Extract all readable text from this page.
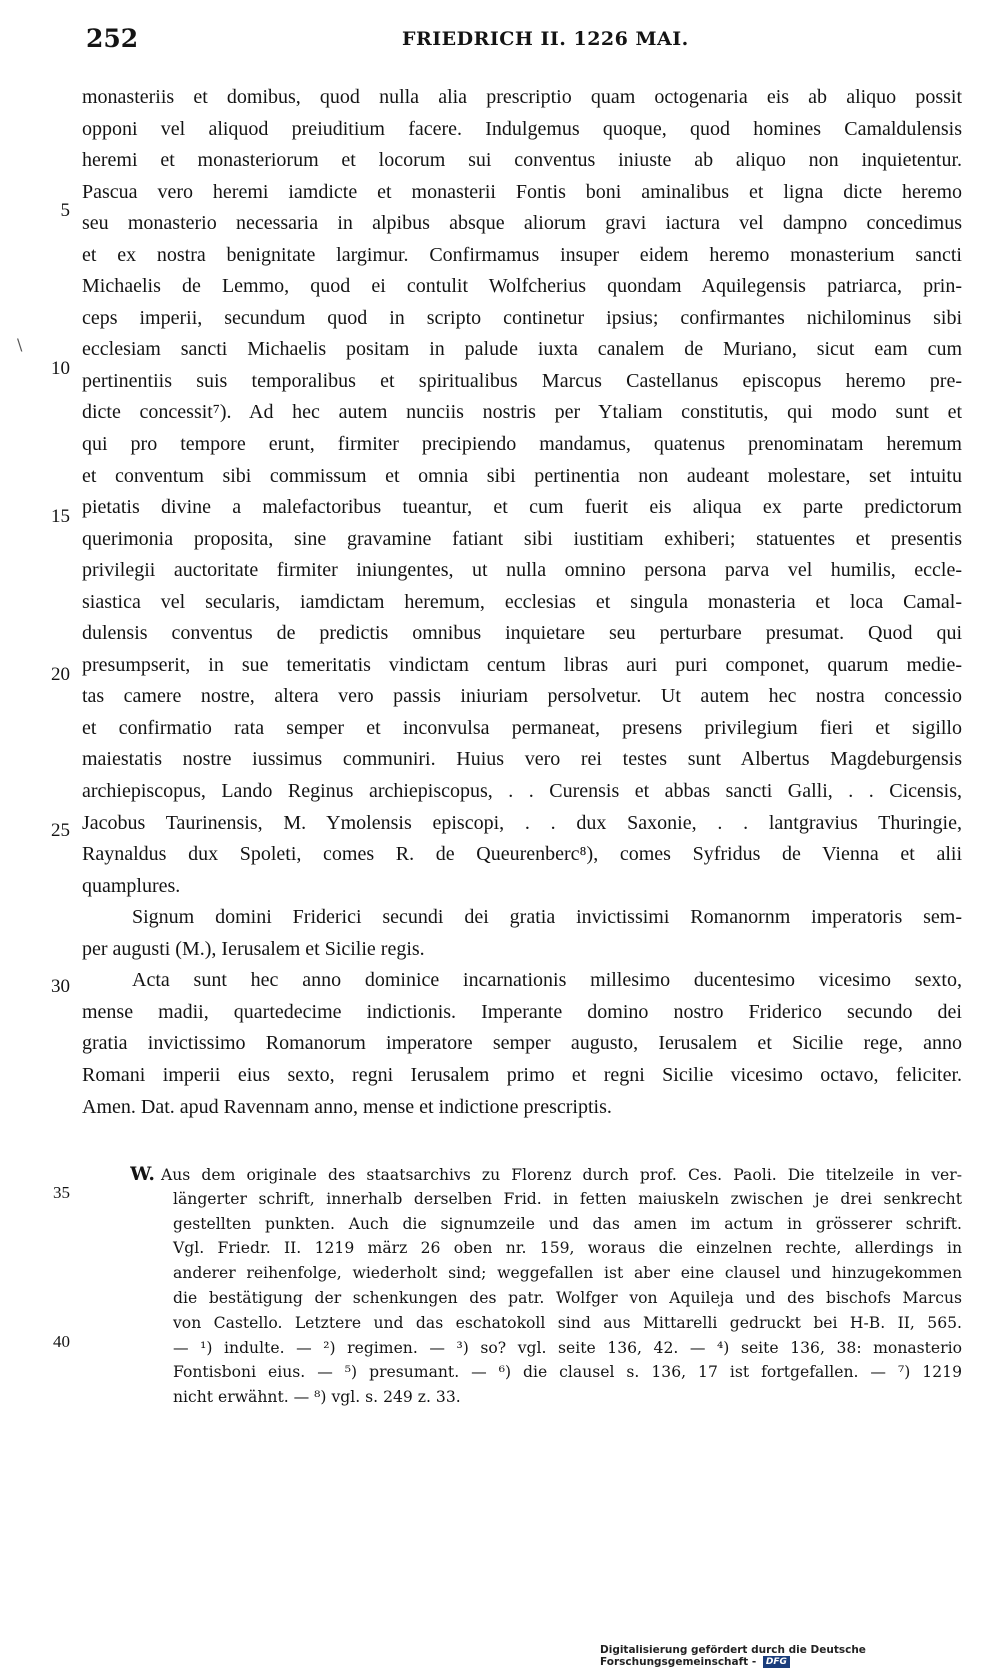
252	FRIEDRICH II. 1226 MAI.
\
monasteriis et domibus, quod nulla alia prescriptio quam octogenaria eis ab aliquo possit
opponi vel aliquod preiuditium facere. Indulgemus quoque, quod homines Camaldulensis
heremi et monasteriorum et locorum sui conventus iniuste ab aliquo non inquietentur.
Pascua vero heremi iamdicte et monasterii Fontis boni aminalibus et ligna dicte heremo
seu monasterio necessaria in alpibus absque aliorum gravi iactura vel dampno concedimus
et ex nostra benignitate largimur. Confirmamus insuper eidem heremo monasterium sancti
Michaelis de Lemmo, quod ei contulit Wolfcherius quondam Aquilegensis patriarca, prin-
ceps imperii, secundum quod in scripto continetur ipsius; confirmantes nichilominus sibi
ecclesiam sancti Michaelis positam in palude iuxta canalem de Muriano, sicut eam cum
pertinentiis suis temporalibus et spiritualibus Marcus Castellanus episcopus heremo pre-
dicte concessit⁷). Ad hec autem nunciis nostris per Ytaliam constitutis, qui modo sunt et
qui pro tempore erunt, firmiter precipiendo mandamus, quatenus prenominatam heremum
et conventum sibi commissum et omnia sibi pertinentia non audeant molestare, set intuitu
pietatis divine a malefactoribus tueantur, et cum fuerit eis aliqua ex parte predictorum
querimonia proposita, sine gravamine fatiant sibi iustitiam exhiberi; statuentes et presentis
privilegii auctoritate firmiter iniungentes, ut nulla omnino persona parva vel humilis, eccle-
siastica vel secularis, iamdictam heremum, ecclesias et singula monasteria et loca Camal-
dulensis conventus de predictis omnibus inquietare seu perturbare presumat. Quod qui
presumpserit, in sue temeritatis vindictam centum libras auri puri componet, quarum medie-
tas camere nostre, altera vero passis iniuriam persolvetur. Ut autem hec nostra concessio
et confirmatio rata semper et inconvulsa permaneat, presens privilegium fieri et sigillo
maiestatis nostre iussimus communiri. Huius vero rei testes sunt Albertus Magdeburgensis
archiepiscopus, Lando Reginus archiepiscopus, . . Curensis et abbas sancti Galli, . . Cicensis,
Jacobus Taurinensis, M. Ymolensis episcopi, . . dux Saxonie, . . lantgravius Thuringie,
Raynaldus dux Spoleti, comes R. de Queurenberc⁸), comes Syfridus de Vienna et alii
quamplures.
Signum domini Friderici secundi dei gratia invictissimi Romanornm imperatoris sem-
per augusti (M.), Ierusalem et Sicilie regis.
Acta sunt hec anno dominice incarnationis millesimo ducentesimo vicesimo sexto,
mense madii, quartedecime indictionis. Imperante domino nostro Friderico secundo dei
gratia invictissimo Romanorum imperatore semper augusto, Ierusalem et Sicilie rege, anno
Romani imperii eius sexto, regni Ierusalem primo et regni Sicilie vicesimo octavo, feliciter.
Amen. Dat. apud Ravennam anno, mense et indictione prescriptis.
5
10
15
20
25
30
W. Aus dem originale des staatsarchivs zu Florenz durch prof. Ces. Paoli. Die titelzeile in ver-
längerter schrift, innerhalb derselben Frid. in fetten maiuskeln zwischen je drei senkrecht
gestellten punkten. Auch die signumzeile und das amen im actum in grösserer schrift.
Vgl. Friedr. II. 1219 märz 26 oben nr. 159, woraus die einzelnen rechte, allerdings in
anderer reihenfolge, wiederholt sind; weggefallen ist aber eine clausel und hinzugekommen
die bestätigung der schenkungen des patr. Wolfger von Aquileja und des bischofs Marcus
von Castello. Letztere und das eschatokoll sind aus Mittarelli gedruckt bei H-B. II, 565.
— ¹) indulte. — ²) regimen. — ³) so? vgl. seite 136, 42. — ⁴) seite 136, 38: monasterio
Fontisboni eius. — ⁵) presumant. — ⁶) die clausel s. 136, 17 ist fortgefallen. — ⁷) 1219
nicht erwähnt. — ⁸) vgl. s. 249 z. 33.
35
40
Digitalisierung gefördert durch die Deutsche Forschungsgemeinschaft - DFG
